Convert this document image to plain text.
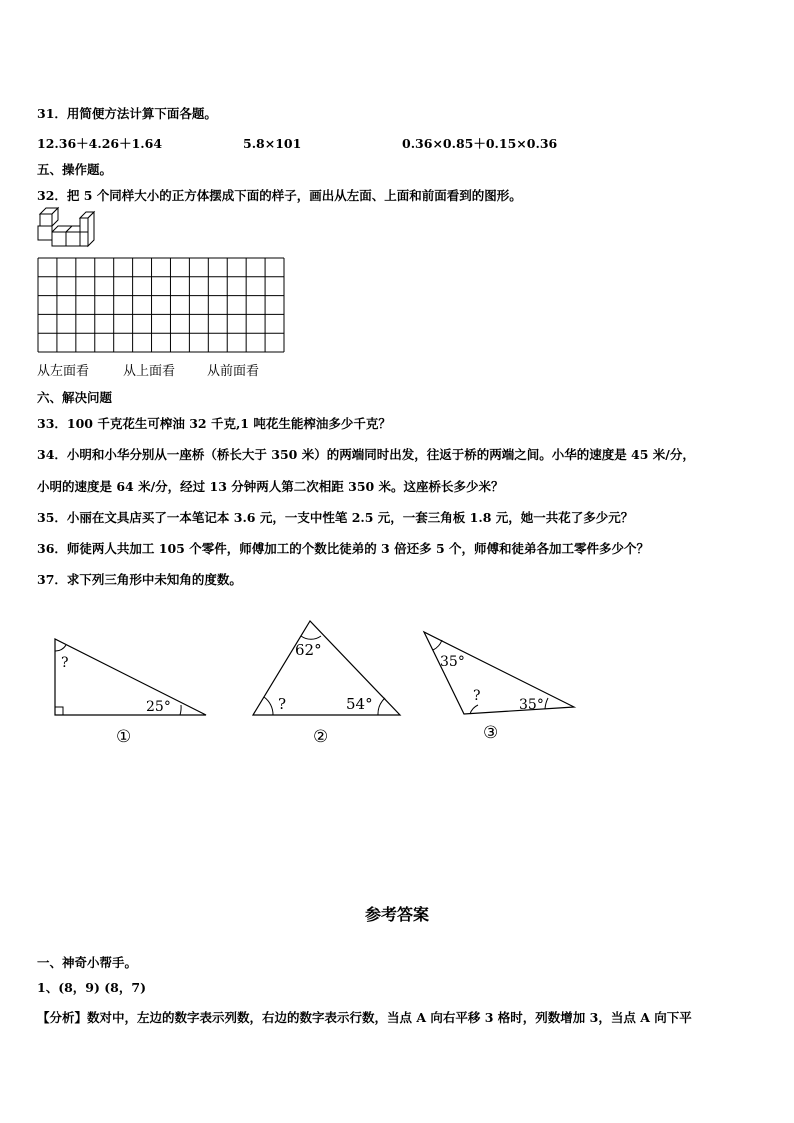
31．用简便方法计算下面各题。
12.36＋4.26＋1.64	5.8×101	0.36×0.85＋0.15×0.36
五、操作题。
32．把 5 个同样大小的正方体摆成下面的样子，画出从左面、上面和前面看到的图形。
从左面看	从上面看 从前面看
六、解决问题
33．100 千克花生可榨油 32 千克,1 吨花生能榨油多少千克？
34．小明和小华分别从一座桥（桥长大于 350 米）的两端同时出发，往返于桥的两端之间。小华的速度是 45 米/分，
小明的速度是 64 米/分，经过 13 分钟两人第二次相距 350 米。这座桥长多少米？
35．小丽在文具店买了一本笔记本 3.6 元，一支中性笔 2.5 元，一套三角板 1.8 元，她一共花了多少元？
36．师徒两人共加工 105 个零件，师傅加工的个数比徒弟的 3 倍还多 5 个，师傅和徒弟各加工零件多少个？
37．求下列三角形中未知角的度数。
?
25°
①
62°
?	54°
②
35°
?
35°
③
参考答案
一、神奇小帮手。
1、(8，9) (8，7)
【分析】数对中，左边的数字表示列数，右边的数字表示行数，当点 A 向右平移 3 格时，列数增加 3，当点 A 向下平
